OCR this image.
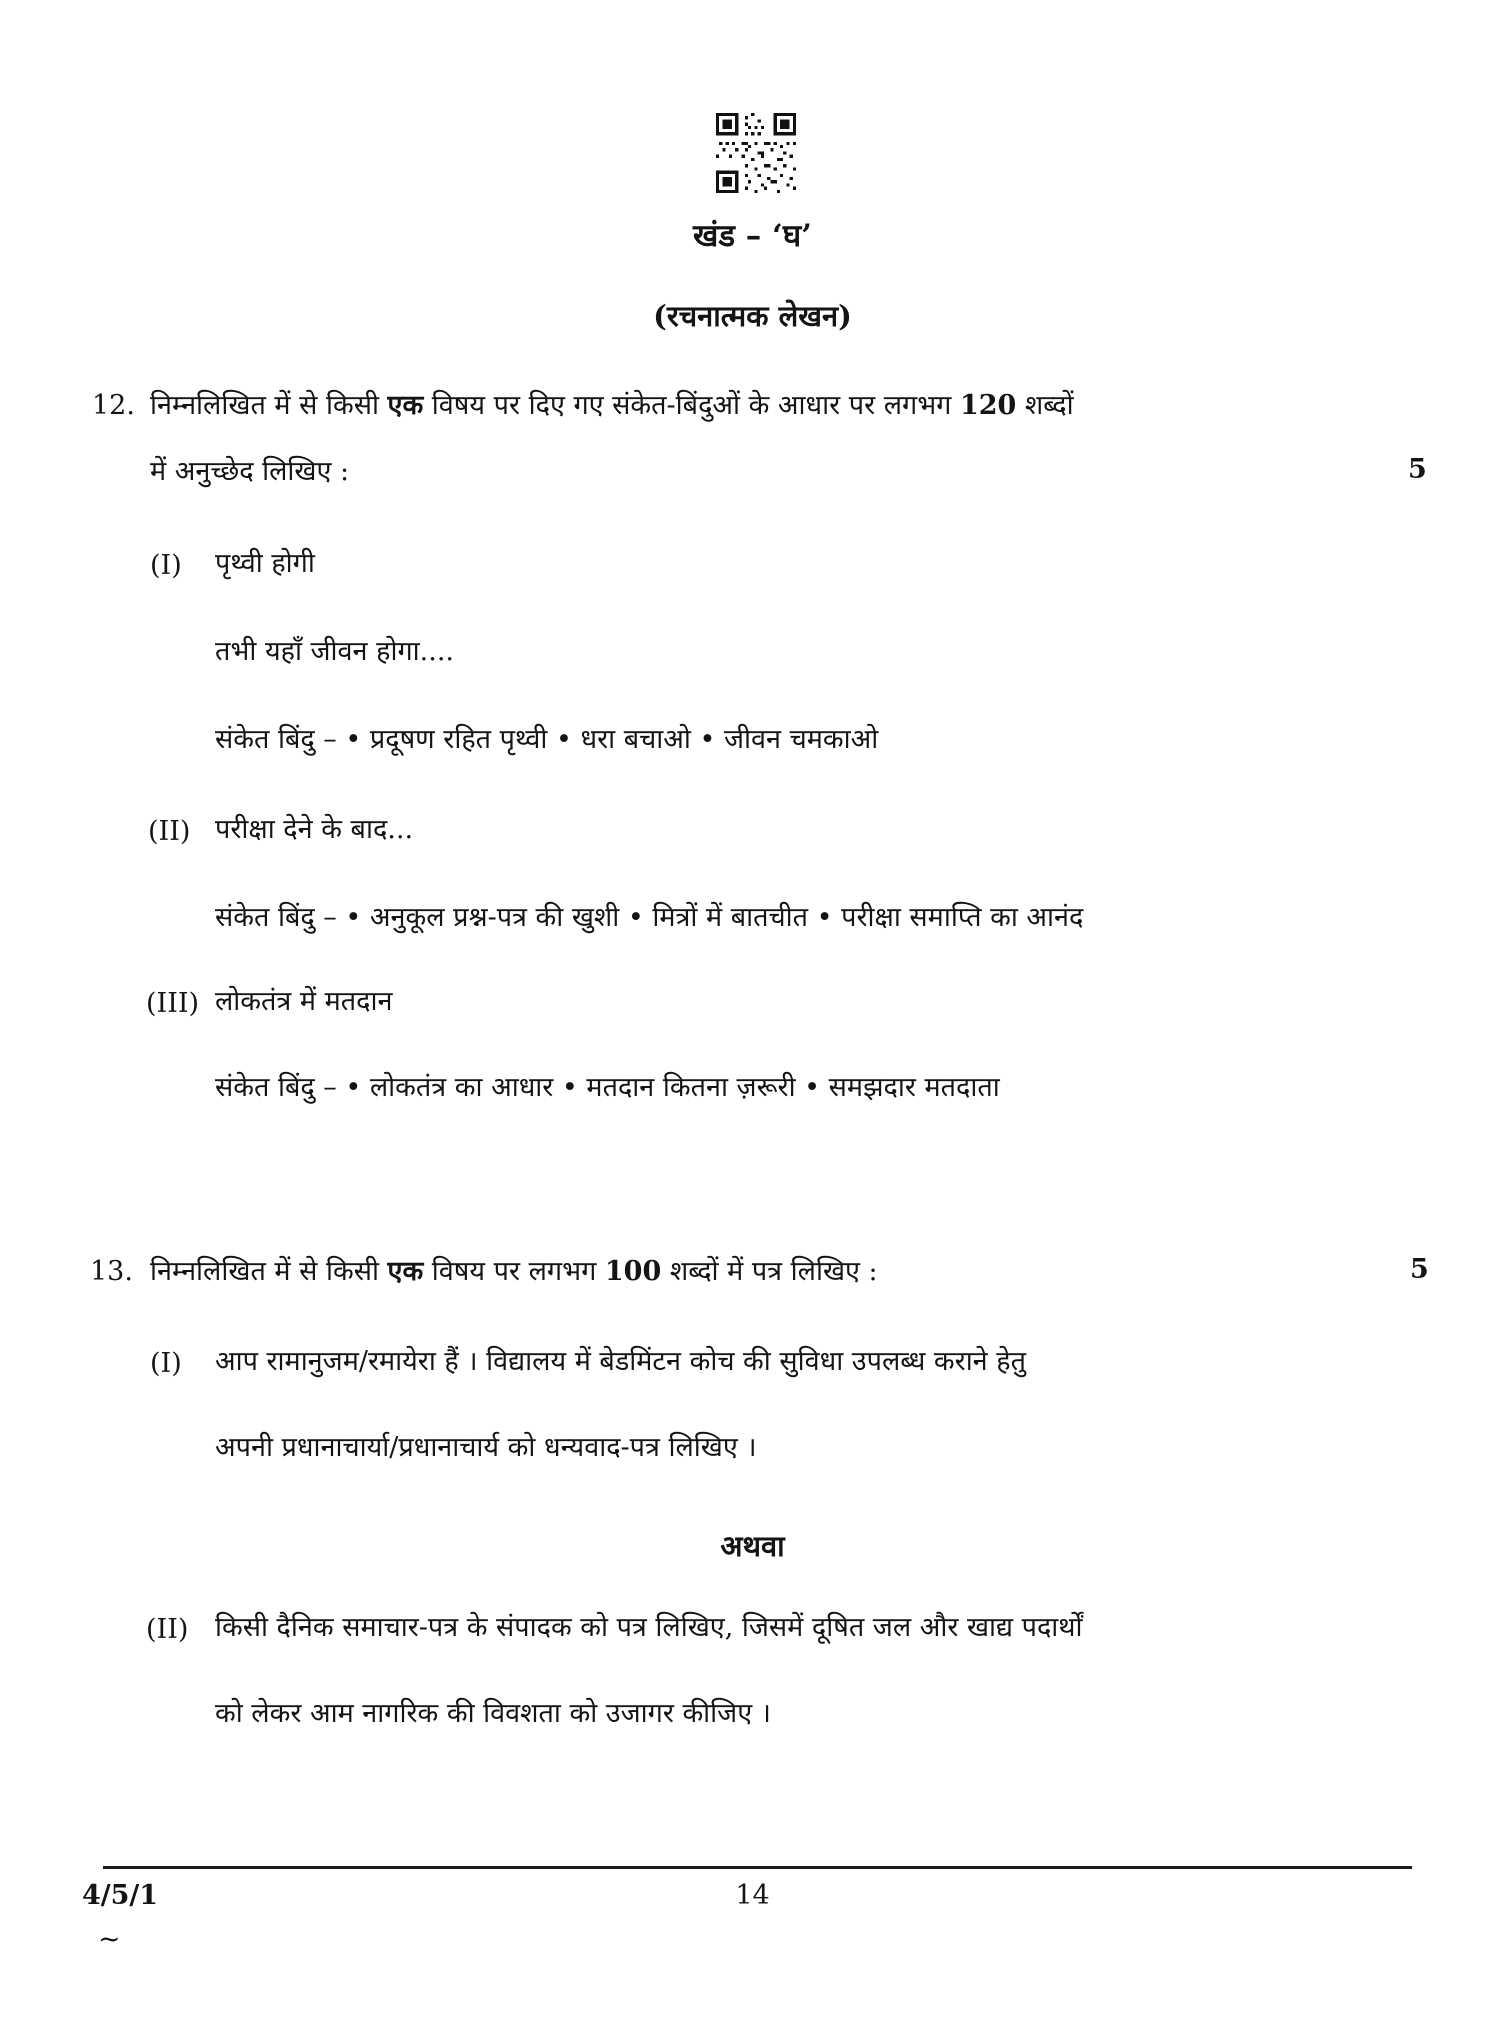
खंड – ‘घ’
(रचनात्मक लेखन)
12. निम्नलिखित में से किसी एक विषय पर दिए गए संकेत-बिंदुओं के आधार पर लगभग 120 शब्दों
में अनुच्छेद लिखिए :	5
(I) पृथ्वी होगी
तभी यहाँ जीवन होगा....
संकेत बिंदु – • प्रदूषण रहित पृथ्वी • धरा बचाओ • जीवन चमकाओ
(II) परीक्षा देने के बाद...
संकेत बिंदु – • अनुकूल प्रश्न-पत्र की खुशी • मित्रों में बातचीत • परीक्षा समाप्ति का आनंद
(III) लोकतंत्र में मतदान
संकेत बिंदु – • लोकतंत्र का आधार • मतदान कितना ज़रूरी • समझदार मतदाता
13. निम्नलिखित में से किसी एक विषय पर लगभग 100 शब्दों में पत्र लिखिए :	5
(I) आप रामानुजम/रमायेरा हैं । विद्यालय में बेडमिंटन कोच की सुविधा उपलब्ध कराने हेतु
अपनी प्रधानाचार्या/प्रधानाचार्य को धन्यवाद-पत्र लिखिए ।
अथवा
(II) किसी दैनिक समाचार-पत्र के संपादक को पत्र लिखिए, जिसमें दूषित जल और खाद्य पदार्थों
को लेकर आम नागरिक की विवशता को उजागर कीजिए ।
4/5/1	14
~
